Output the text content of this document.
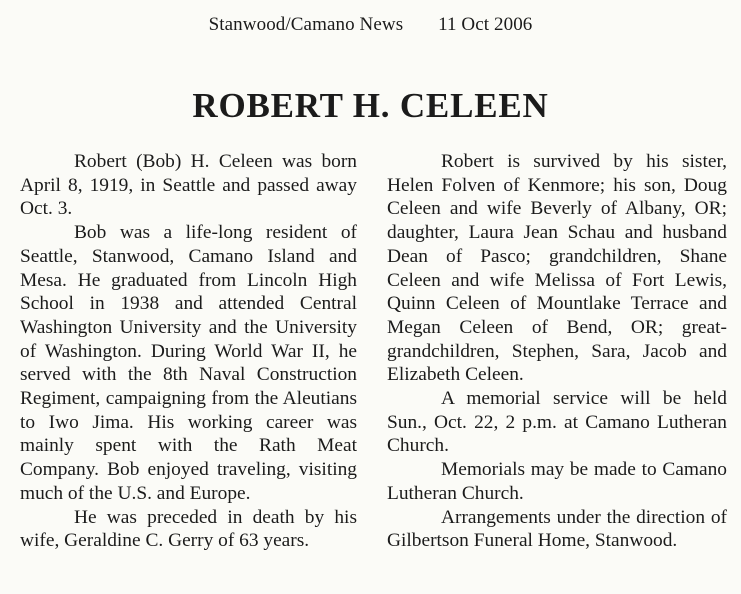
Stanwood/Camano News 11 Oct 2006
ROBERT H. CELEEN

Robert (Bob) H. Celeen was born April 8, 1919, in Seattle and passed away Oct. 3.

Bob was a life-long resident of Seattle, Stanwood, Camano Island and Mesa. He graduated from Lincoln High School in 1938 and attended Central Washington University and the University of Washington. During World War II, he served with the 8th Naval Construction Regiment, campaigning from the Aleutians to Iwo Jima. His working career was mainly spent with the Rath Meat Company. Bob enjoyed traveling, visiting much of the U.S. and Europe.

He was preceded in death by his wife, Geraldine C. Gerry of 63 years.

Robert is survived by his sister, Helen Folven of Kenmore; his son, Doug Celeen and wife Beverly of Albany, OR; daughter, Laura Jean Schau and husband Dean of Pasco; grandchildren, Shane Celeen and wife Melissa of Fort Lewis, Quinn Celeen of Mountlake Terrace and Megan Celeen of Bend, OR; great-grandchildren, Stephen, Sara, Jacob and Elizabeth Celeen.

A memorial service will be held Sun., Oct. 22, 2 p.m. at Camano Lutheran Church.

Memorials may be made to Camano Lutheran Church.

Arrangements under the direction of Gilbertson Funeral Home, Stanwood.
